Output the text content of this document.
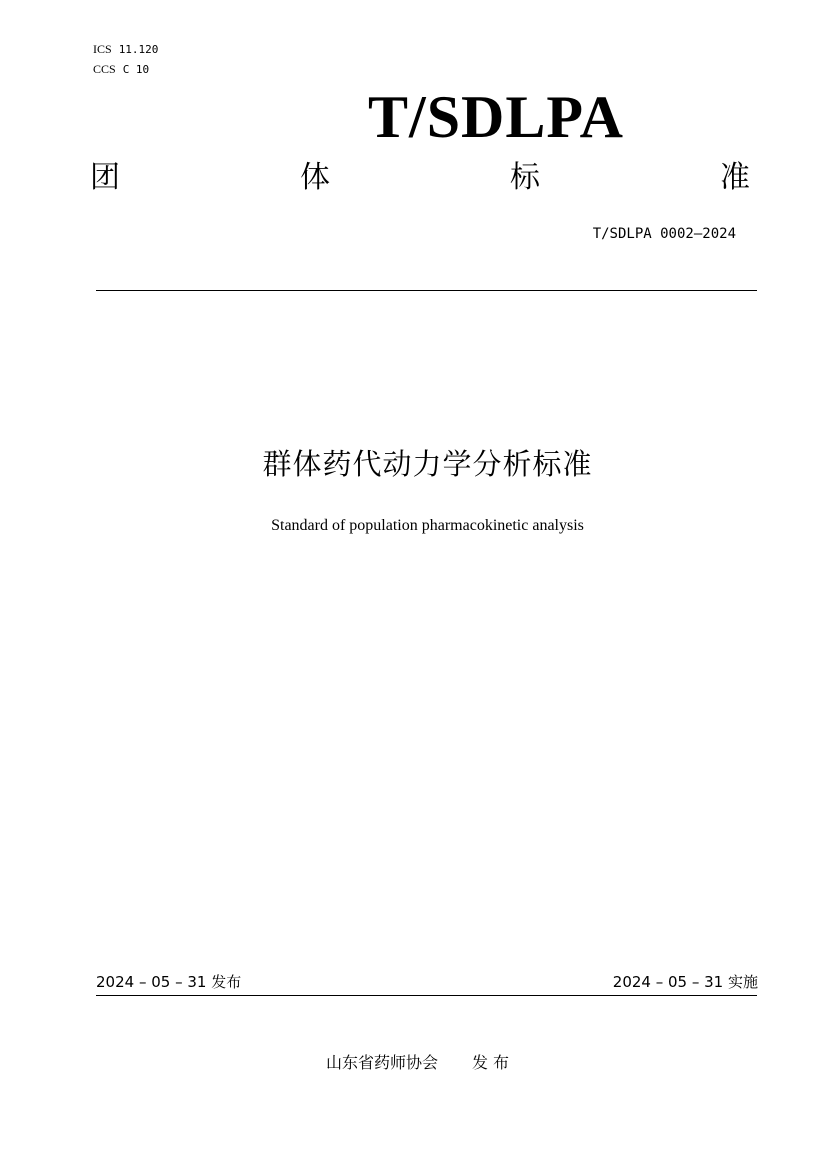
ICS 11.120
CCS C 10
T/SDLPA
团	体	标	准
T/SDLPA 0002—2024
群体药代动力学分析标准
Standard of population pharmacokinetic analysis
2024 – 05 – 31 发布	2024 – 05 – 31 实施
山东省药师协会 发 布
